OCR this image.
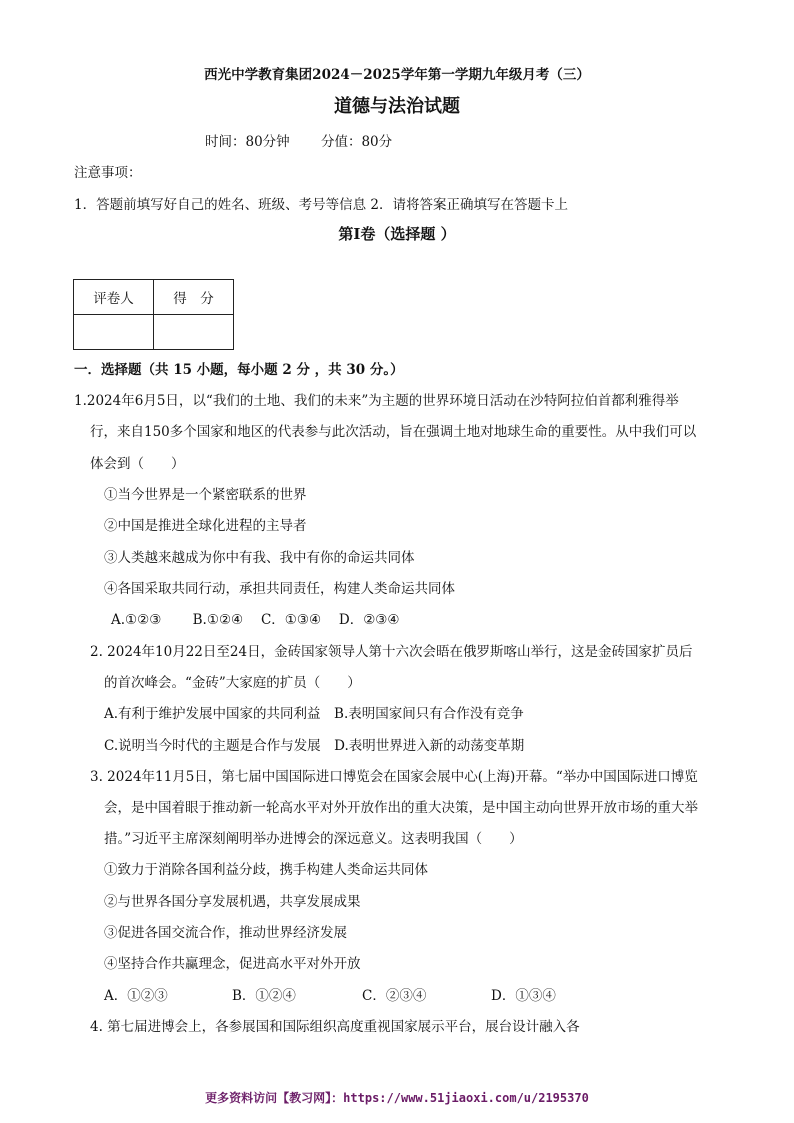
西光中学教育集团2024－2025学年第一学期九年级月考（三）
道德与法治试题
时间：80分钟 　　分值：80分
注意事项：
1．答题前填写好自己的姓名、班级、考号等信息 2．请将答案正确填写在答题卡上
第Ⅰ卷（选择题 ）
评卷人	得　分

一．选择题（共 15 小题，每小题 2 分 ，共 30 分。）
1.2024年6月5日，以“我们的土地、我们的未来”为主题的世界环境日活动在沙特阿拉伯首都利雅得举
行，来自150多个国家和地区的代表参与此次活动，旨在强调土地对地球生命的重要性。从中我们可以
体会到（　　）
①当今世界是一个紧密联系的世界
②中国是推进全球化进程的主导者
③人类越来越成为你中有我、我中有你的命运共同体
④各国采取共同行动，承担共同责任，构建人类命运共同体
A.①②③　　 B.①②④　 C．①③④　 D．②③④
2. 2024年10月22日至24日，金砖国家领导人第十六次会晤在俄罗斯喀山举行，这是金砖国家扩员后
的首次峰会。“金砖”大家庭的扩员（　　）
A.有利于维护发展中国家的共同利益　B.表明国家间只有合作没有竞争
C.说明当今时代的主题是合作与发展　D.表明世界进入新的动荡变革期
3. 2024年11月5日，第七届中国国际进口博览会在国家会展中心(上海)开幕。“举办中国国际进口博览
会，是中国着眼于推动新一轮高水平对外开放作出的重大决策，是中国主动向世界开放市场的重大举
措。”习近平主席深刻阐明举办进博会的深远意义。这表明我国（　　）
①致力于消除各国利益分歧，携手构建人类命运共同体
②与世界各国分享发展机遇，共享发展成果
③促进各国交流合作，推动世界经济发展
④坚持合作共赢理念，促进高水平对外开放
A．①②③	B．①②④	C．②③④	D．①③④
4. 第七届进博会上，各参展国和国际组织高度重视国家展示平台，展台设计融入各
更多资料访问【教习网】：https://www.51jiaoxi.com/u/2195370
